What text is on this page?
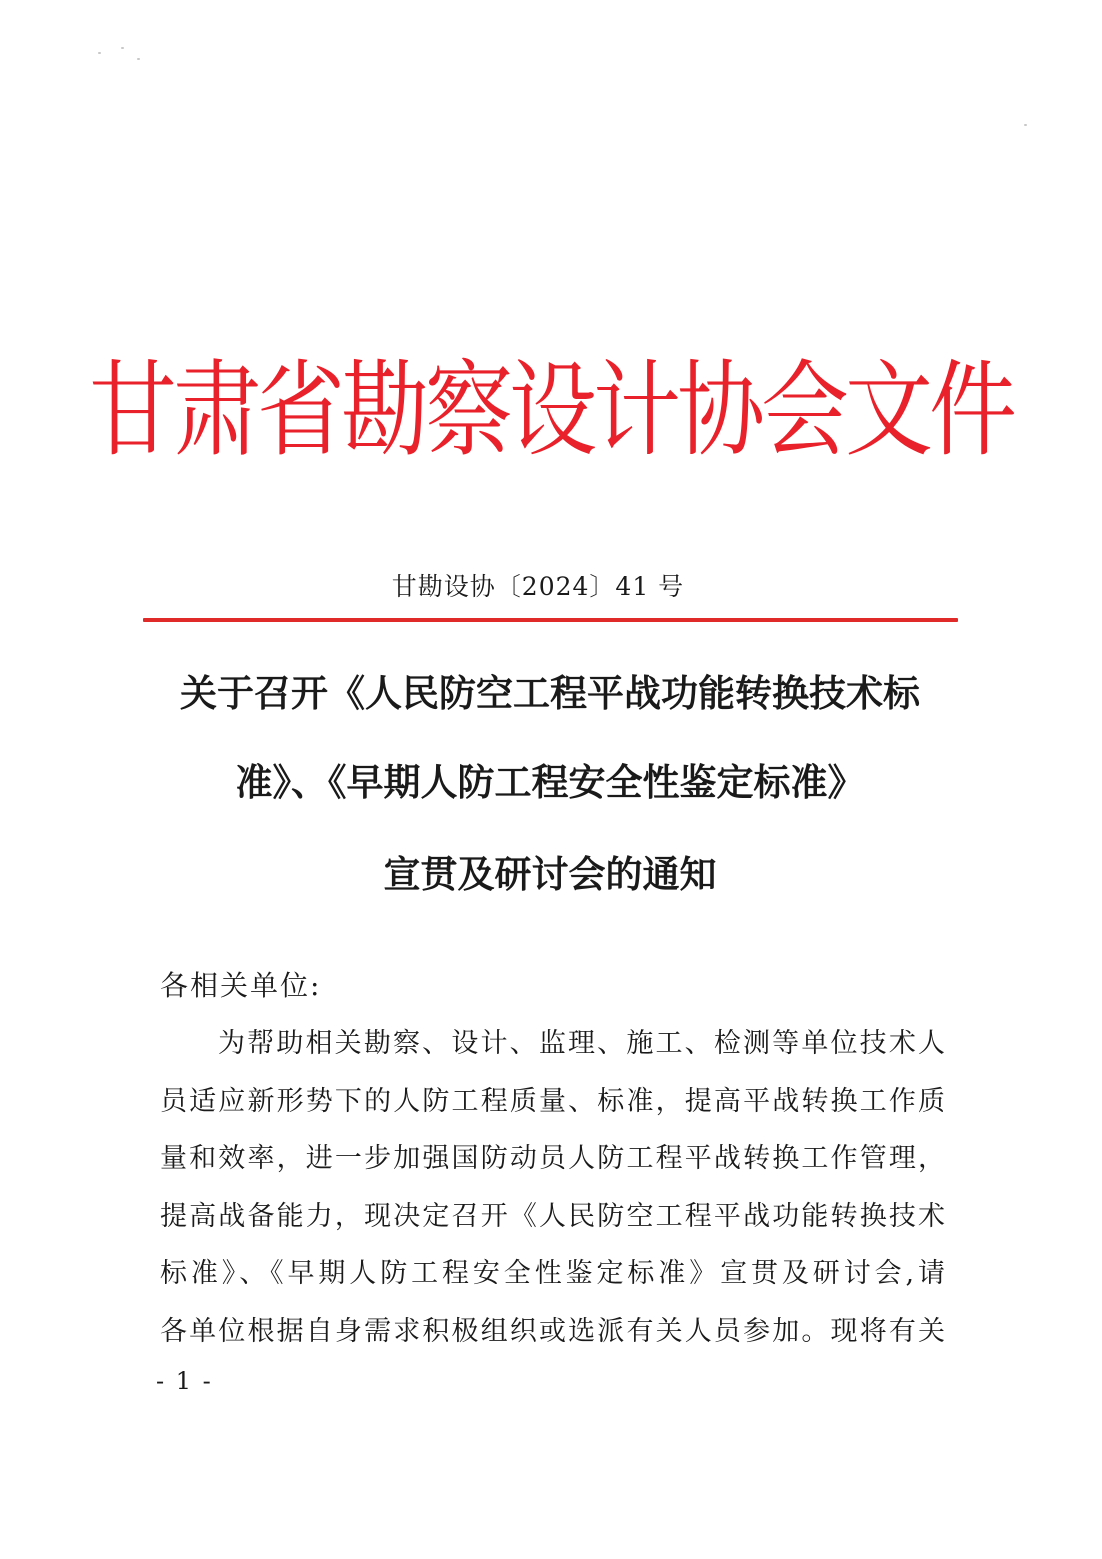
甘肃省勘察设计协会文件
甘勘设协〔2024〕41 号
关于召开《人民防空工程平战功能转换技术标
准》、《早期人防工程安全性鉴定标准》
宣贯及研讨会的通知
各相关单位:
为帮助相关勘察、设计、监理、施工、检测等单位技术人
员适应新形势下的人防工程质量、标准，提高平战转换工作质
量和效率，进一步加强国防动员人防工程平战转换工作管理，
提高战备能力，现决定召开《人民防空工程平战功能转换技术
标准》、《早期人防工程安全性鉴定标准》宣贯及研讨会,请
各单位根据自身需求积极组织或选派有关人员参加。现将有关
- 1 -
